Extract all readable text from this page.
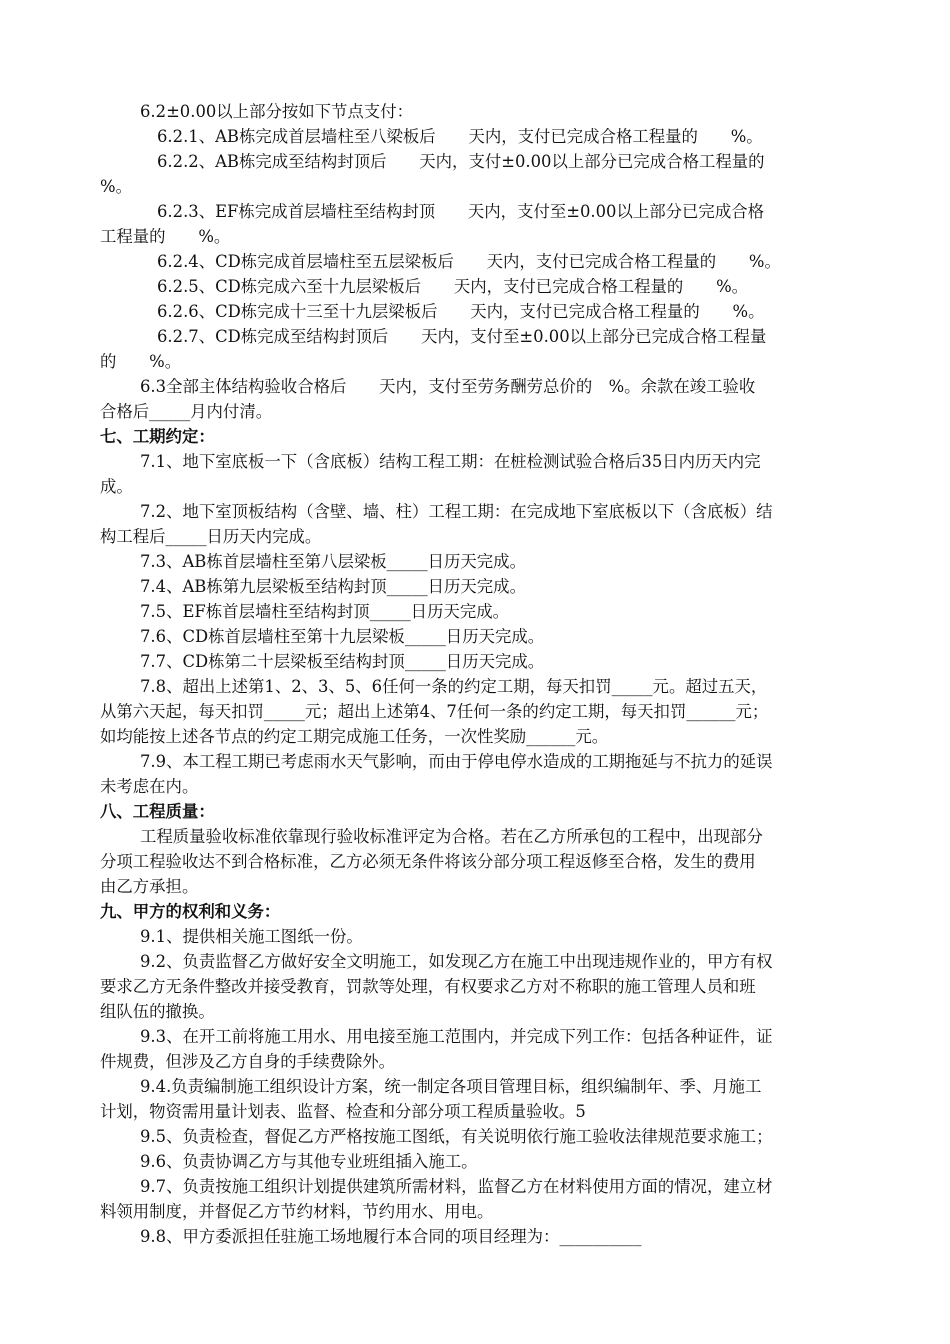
6.2±0.00以上部分按如下节点支付：
6.2.1、AB栋完成首层墙柱至八梁板后　　天内，支付已完成合格工程量的　　%。
6.2.2、AB栋完成至结构封顶后　　天内，支付±0.00以上部分已完成合格工程量的
%。
6.2.3、EF栋完成首层墙柱至结构封顶　　天内，支付至±0.00以上部分已完成合格
工程量的　　%。
6.2.4、CD栋完成首层墙柱至五层梁板后　　天内，支付已完成合格工程量的　　%。
6.2.5、CD栋完成六至十九层梁板后　　天内，支付已完成合格工程量的　　%。
6.2.6、CD栋完成十三至十九层梁板后　　天内，支付已完成合格工程量的　　%。
6.2.7、CD栋完成至结构封顶后　　天内，支付至±0.00以上部分已完成合格工程量
的　　%。
6.3全部主体结构验收合格后　　天内，支付至劳务酬劳总价的　%。余款在竣工验收
合格后_____月内付清。
七、工期约定：
7.1、地下室底板一下（含底板）结构工程工期：在桩检测试验合格后35日内历天内完
成。
7.2、地下室顶板结构（含壁、墙、柱）工程工期：在完成地下室底板以下（含底板）结
构工程后_____日历天内完成。
7.3、AB栋首层墙柱至第八层梁板_____日历天完成。
7.4、AB栋第九层梁板至结构封顶_____日历天完成。
7.5、EF栋首层墙柱至结构封顶_____日历天完成。
7.6、CD栋首层墙柱至第十九层梁板_____日历天完成。
7.7、CD栋第二十层梁板至结构封顶_____日历天完成。
7.8、超出上述第1、2、3、5、6任何一条的约定工期，每天扣罚_____元。超过五天，
从第六天起，每天扣罚_____元；超出上述第4、7任何一条的约定工期，每天扣罚______元；
如均能按上述各节点的约定工期完成施工任务，一次性奖励______元。
7.9、本工程工期已考虑雨水天气影响，而由于停电停水造成的工期拖延与不抗力的延误
未考虑在内。
八、工程质量：
工程质量验收标准依靠现行验收标准评定为合格。若在乙方所承包的工程中，出现部分
分项工程验收达不到合格标准，乙方必须无条件将该分部分项工程返修至合格，发生的费用
由乙方承担。
九、甲方的权利和义务：
9.1、提供相关施工图纸一份。
9.2、负责监督乙方做好安全文明施工，如发现乙方在施工中出现违规作业的，甲方有权
要求乙方无条件整改并接受教育，罚款等处理，有权要求乙方对不称职的施工管理人员和班
组队伍的撤换。
9.3、在开工前将施工用水、用电接至施工范围内，并完成下列工作：包括各种证件，证
件规费，但涉及乙方自身的手续费除外。
9.4.负责编制施工组织设计方案，统一制定各项目管理目标，组织编制年、季、月施工
计划，物资需用量计划表、监督、检查和分部分项工程质量验收。5
9.5、负责检查，督促乙方严格按施工图纸，有关说明依行施工验收法律规范要求施工；
9.6、负责协调乙方与其他专业班组插入施工。
9.7、负责按施工组织计划提供建筑所需材料，监督乙方在材料使用方面的情况，建立材
料领用制度，并督促乙方节约材料，节约用水、用电。
9.8、甲方委派担任驻施工场地履行本合同的项目经理为：__________
